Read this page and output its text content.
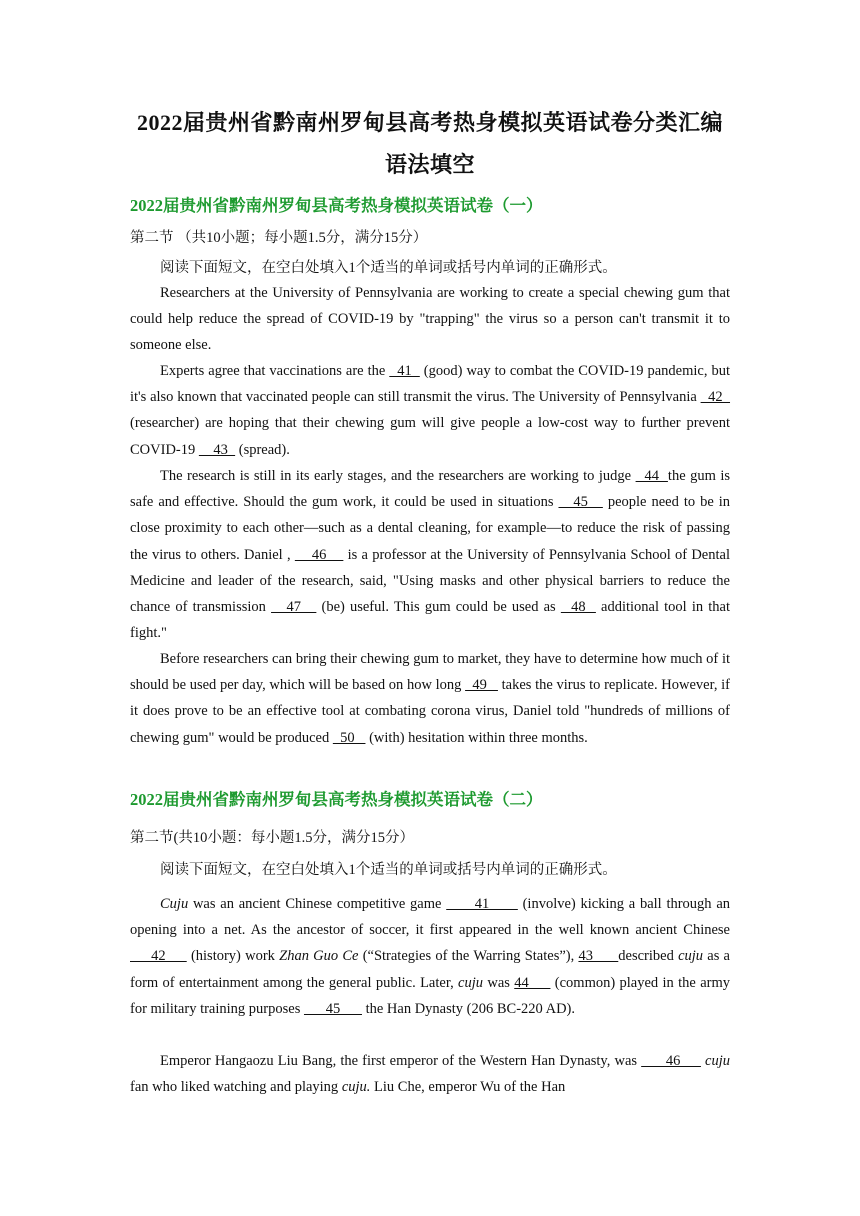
2022届贵州省黔南州罗甸县高考热身模拟英语试卷分类汇编
语法填空
2022届贵州省黔南州罗甸县高考热身模拟英语试卷（一）
第二节 （共10小题；每小题1.5分，满分15分）
阅读下面短文，在空白处填入1个适当的单词或括号内单词的正确形式。

Researchers at the University of Pennsylvania are working to create a special chewing gum that could help reduce the spread of COVID-19 by "trapping" the virus so a person can't transmit it to someone else.

Experts agree that vaccinations are the   41   (good) way to combat the COVID-19 pandemic, but it's also known that vaccinated people can still transmit the virus. The University of Pennsylvania   42   (researcher) are hoping that their chewing gum will give people a low-cost way to further prevent COVID-19     43   (spread).

The research is still in its early stages, and the researchers are working to judge   44  the gum is safe and effective. Should the gum work, it could be used in situations    45    people need to be in close proximity to each other—such as a dental cleaning, for example—to reduce the risk of passing the virus to others. Daniel ,     46     is a professor at the University of Pennsylvania School of Dental Medicine and leader of the research, said, "Using masks and other physical barriers to reduce the chance of transmission    47    (be) useful. This gum could be used as   48   additional tool in that fight."

Before researchers can bring their chewing gum to market, they have to determine how much of it should be used per day, which will be based on how long   49    takes the virus to replicate. However, if it does prove to be an effective tool at combating corona virus, Daniel told "hundreds of millions of chewing gum" would be produced   50    (with) hesitation within three months.

2022届贵州省黔南州罗甸县高考热身模拟英语试卷（二）
第二节(共10小题：每小题1.5分，满分15分）
阅读下面短文，在空白处填入1个适当的单词或括号内单词的正确形式。

Cuju was an ancient Chinese competitive game       41       (involve) kicking a ball through an opening into a net. As the ancestor of soccer, it first appeared in the well known ancient Chinese      42      (history) work Zhan Guo Ce (“Strategies of the Warring States”), 43      described cuju as a form of entertainment among the general public. Later, cuju was 44      (common) played in the army for military training purposes       45       the Han Dynasty (206 BC-220 AD).

Emperor Hangaozu Liu Bang, the first emperor of the Western Han Dynasty, was       46      cuju fan who liked watching and playing cuju. Liu Che, emperor Wu of the Han
